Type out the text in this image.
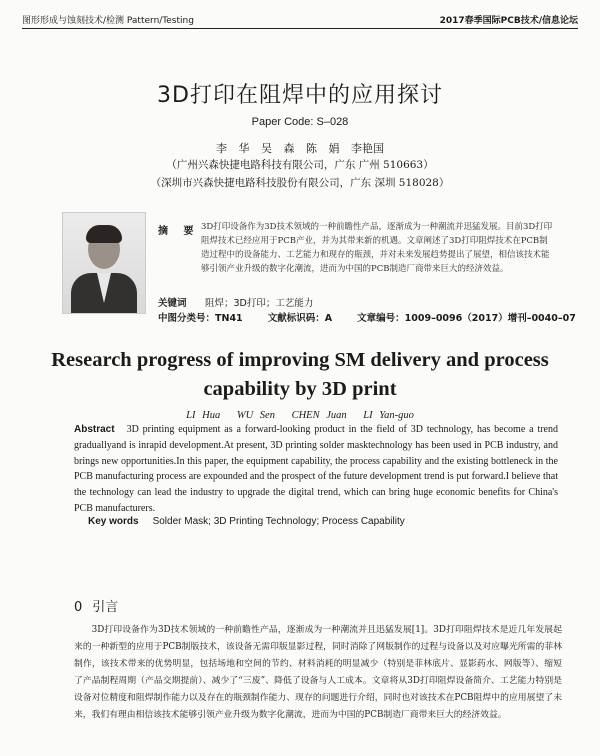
图形形成与蚀刻技术/检测 Pattern/Testing	2017春季国际PCB技术/信息论坛
3D打印在阻焊中的应用探讨
Paper Code: S–028
李 华 吴 森 陈 娟 李艳国
（广州兴森快捷电路科技有限公司，广东 广州 510663）
（深圳市兴森快捷电路科技股份有限公司，广东 深圳 518028）
摘 要 3D打印设备作为3D技术领域的一种前瞻性产品，逐渐成为一种潮流并迅猛发展。目前3D打印阻焊技术已经应用于PCB产业，并为其带来新的机遇。文章阐述了3D打印阻焊技术在PCB制造过程中的设备能力、工艺能力和现存的瓶颈，并对未来发展趋势提出了展望，相信该技术能够引领产业升级的数字化潮流，进而为中国的PCB制造厂商带来巨大的经济效益。
关键词 阻焊；3D打印；工艺能力
中图分类号：TN41	文献标识码：A	文章编号：1009–0096（2017）增刊–0040–07
Research progress of improving SM delivery and process capability by 3D print
LI Hua WU Sen CHEN Juan LI Yan-guo
Abstract 3D printing equipment as a forward-looking product in the field of 3D technology, has become a trend graduallyand is inrapid development.At present, 3D printing solder masktechnology has been used in PCB industry, and brings new opportunities.In this paper, the equipment capability, the process capability and the existing bottleneck in the PCB manufacturing process are expounded and the prospect of the future development trend is put forward.I believe that the technology can lead the industry to upgrade the digital trend, which can bring huge economic benefits for China's PCB manufacturers.
Key words Solder Mask; 3D Printing Technology; Process Capability
0 引言
3D打印设备作为3D技术领域的一种前瞻性产品，逐渐成为一种潮流并且迅猛发展[1]。3D打印阻焊技术是近几年发展起来的一种新型的应用于PCB制版技术，该设备无需印版显影过程，同时消除了网版制作的过程与设备以及对应曝光所需的菲林制作，该技术带来的优势明显，包括场地和空间的节约、材料消耗的明显减少（特别是菲林底片、显影药水、网版等）、缩短了产品制程周期（产品交期提前）、减少了“三废”、降低了设备与人工成本。文章将从3D打印阻焊设备简介、工艺能力特别是设备对位精度和阻焊制作能力以及存在的瓶颈制作能力、现存的问题进行介绍，同时也对该技术在PCB阻焊中的应用展望了未来，我们有理由相信该技术能够引领产业升级为数字化潮流，进而为中国的PCB制造厂商带来巨大的经济效益。
